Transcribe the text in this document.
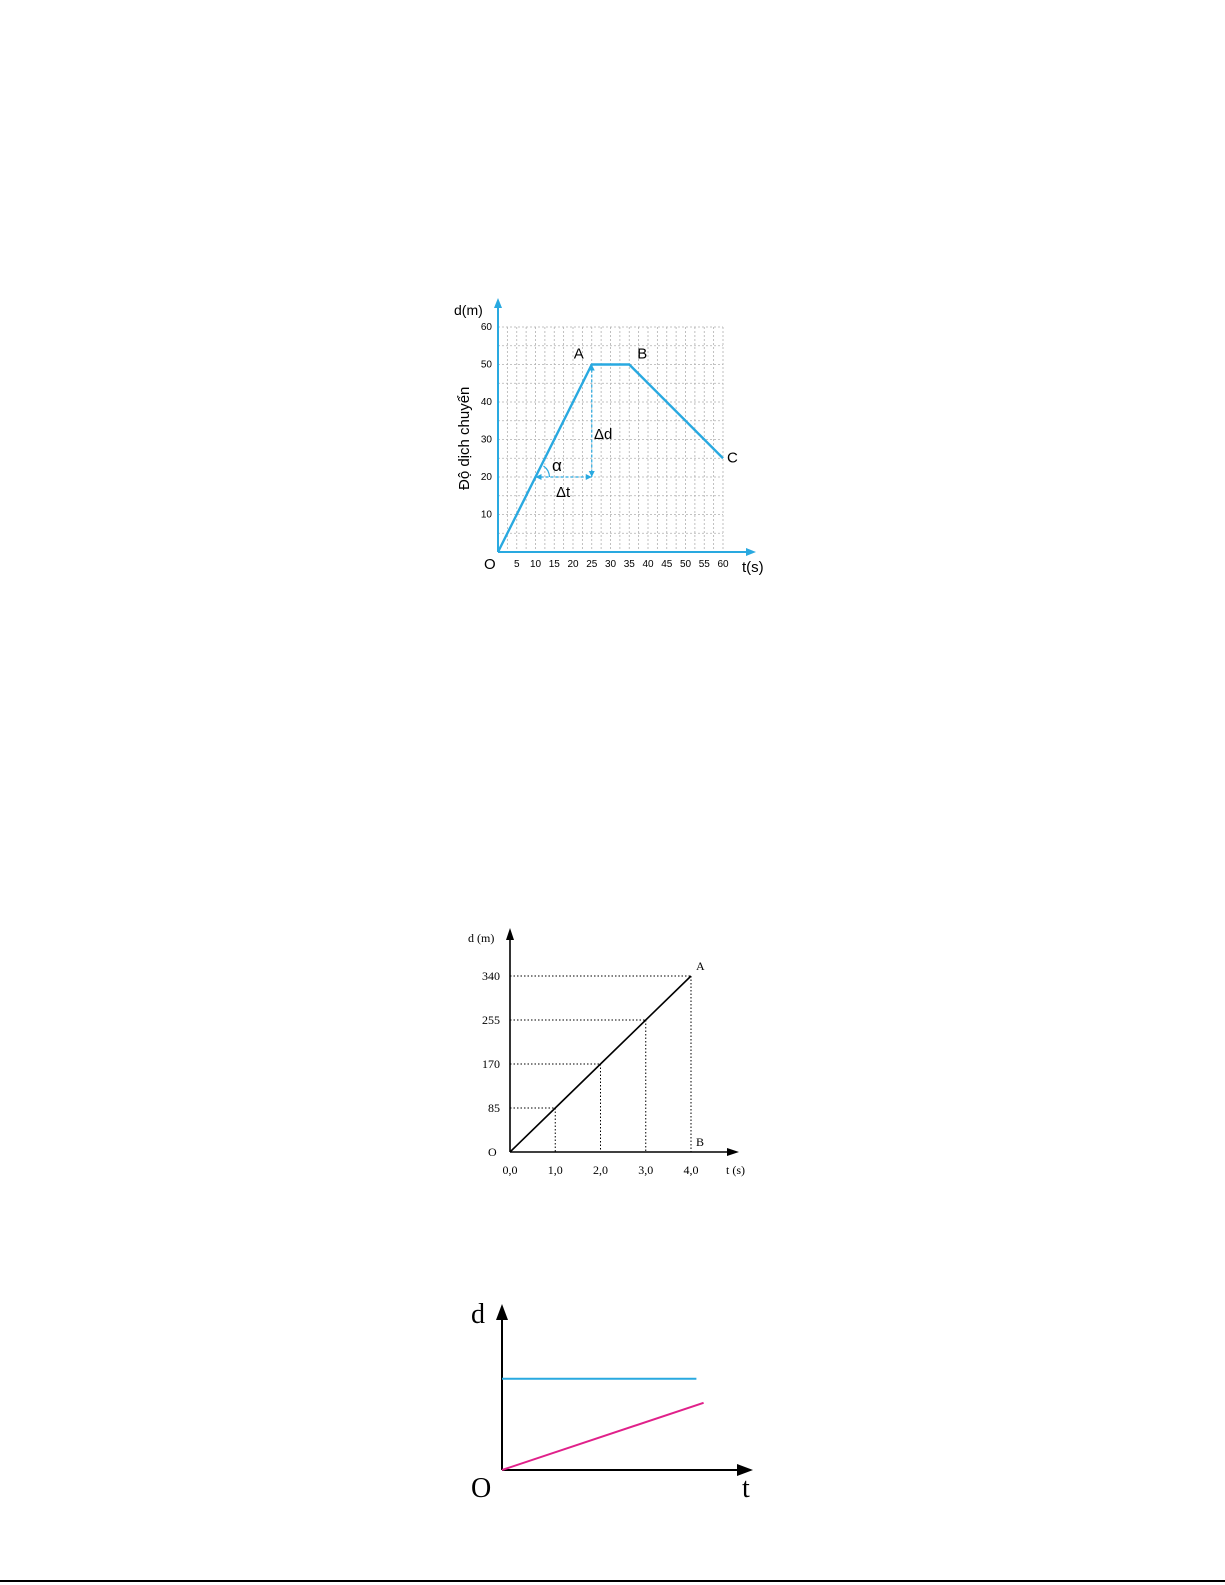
5 10 15 20 25 30 35 40 45 50 55 60
10
20
30
40
50
60
A	B
C
d(m)
t(s)
O
Độ dịch chuyển	Δd
Δt
α
0,0	1,0	2,0	3,0	4,0
85
170
255
340
A
B
d (m)
t (s)
O
d
t
O
